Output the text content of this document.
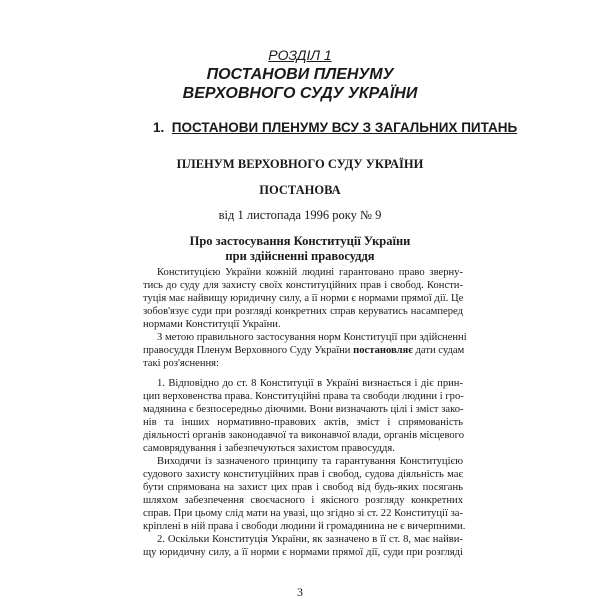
РОЗДІЛ 1
ПОСТАНОВИ ПЛЕНУМУ
ВЕРХОВНОГО СУДУ УКРАЇНИ
1. ПОСТАНОВИ ПЛЕНУМУ ВСУ З ЗАГАЛЬНИХ ПИТАНЬ
ПЛЕНУМ ВЕРХОВНОГО СУДУ УКРАЇНИ
ПОСТАНОВА
від 1 листопада 1996 року № 9
Про застосування Конституції України
при здійсненні правосуддя
Конституцією України кожній людині гарантовано право зверну-
тись до суду для захисту своїх конституційних прав і свобод. Консти-
туція має найвищу юридичну силу, а її норми є нормами прямої дії. Це
зобов'язує суди при розгляді конкретних справ керуватись насамперед
нормами Конституції України.
З метою правильного застосування норм Конституції при здійсненні
правосуддя Пленум Верховного Суду України постановляє дати судам
такі роз'яснення:
1. Відповідно до ст. 8 Конституції в Україні визнається і діє прин-
цип верховенства права. Конституційні права та свободи людини і гро-
мадянина є безпосередньо діючими. Вони визначають цілі і зміст зако-
нів та інших нормативно-правових актів, зміст і спрямованість
діяльності органів законодавчої та виконавчої влади, органів місцевого
самоврядування і забезпечуються захистом правосуддя.
Виходячи із зазначеного принципу та гарантування Конституцією
судового захисту конституційних прав і свобод, судова діяльність має
бути спрямована на захист цих прав і свобод від будь-яких посягань
шляхом забезпечення своєчасного і якісного розгляду конкретних
справ. При цьому слід мати на увазі, що згідно зі ст. 22 Конституції за-
кріплені в ній права і свободи людини й громадянина не є вичерпними.
2. Оскільки Конституція України, як зазначено в її ст. 8, має найви-
щу юридичну силу, а її норми є нормами прямої дії, суди при розгляді
3
